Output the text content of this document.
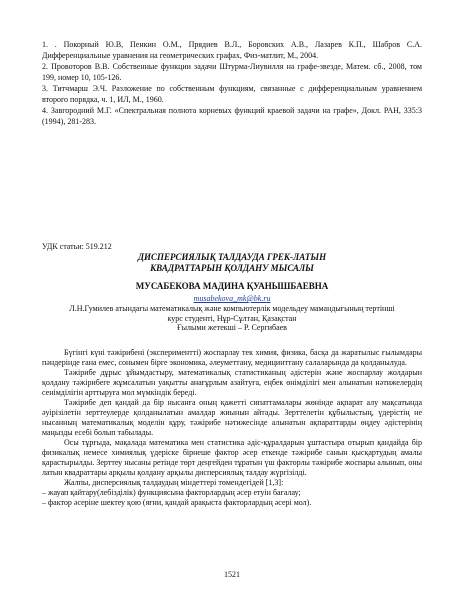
1. . Покорный Ю.В, Пенкин О.М., Прядиев В.Л., Боровских А.В., Лазарев К.П., Шабров С.А. Дифференциальные уравнения на геометрических графах, Физ-матлит, М., 2004.
2. Провоторов В.В. Собственные функции задачи Штурма-Лиувилля на графе-звезде, Матем. сб., 2008, том 199, номер 10, 105-126.
3. Титчмарш Э.Ч. Разложение по собственным функциям, связанные с дифференциальным уравнением второго порядка, ч. 1, ИЛ, М., 1960.
4. Завгородний М.Г. «Спектральная полнота корневых функций краевой задачи на графе», Докл. РАН, 335:3 (1994), 281-283.
УДК статьи: 519.212
ДИСПЕРСИЯЛЫҚ ТАЛДАУДА ГРЕК-ЛАТЫН
КВАДРАТТАРЫН ҚОЛДАНУ МЫСАЛЫ
МУСАБЕКОВА МАДИНА ҚУАНЫШБАЕВНА
musabekova_mk@bk.ru
Л.Н.Гумилев атындағы математикалық және компьютерлік модельдеу мамандығының тертінші
курс студенті, Нұр-Сұлтан, Қазақстан
Ғылыми жетекші – Р. Сергибаев

Бүгінгі күні тәжірибені (эксперименттi) жоспарлау тек химия, физика, басқа да жаратылыс ғылымдары пәндерінде ғана емес, сонымен бірге экономика, әлеуметтану, медицинттану салаларында да қолданылуда.

Тәжірибе дұрыс ұйымдастыру, математикалық статистиканың әдістерін және жоспарлау жолдарын қолдану тәжірибеге жұмсалатын уақытты анағұрлым азайтуға, еңбек өнімділігі мен алынатын нәтижелердің сенімділігін арттыруға мол мүмкіндік береді.

Тәжірибе деп қандай да бір нысанға оның қажетті сипаттамалары жөнінде ақпарат алу мақсатында әуірізілетін зерттеулерде қолданылатын амалдар жиынын айтады. Зерттелетін құбылыстың, үдерістің не нысанның математикалық моделін құру, тәжірибе нәтижесінде алынатын ақпараттарды өңдеу әдістерінің маңызды есебі болып табылады.

Осы тұрғыда, мақалада математика мен статистика әдіс-құралдарын ұштастыра отырып қандайда бір физикалық немесе химиялық үдеріске бірнеше фактор әсер еткенде тәжірибе санын қысқартудың амалы қарастырылды. Зерттеу нысаны ретінде төрт деңгейден тұратын үш факторлы тәжірибе жоспары алынып, оны латын квадраттары арқылы қолдану арқылы дисперсиялық талдау жүргізілді.

Жалпы, дисперсиялық талдаудың міндеттері төмендегідей [1,3]:

– жауап қайтару(лебізділік) функциясына факторлардың әсер етуін бағалау;

– фактор әсеріне шектеу қою (яғни, қандай арақыста факторлардың әсері мол).

1521
